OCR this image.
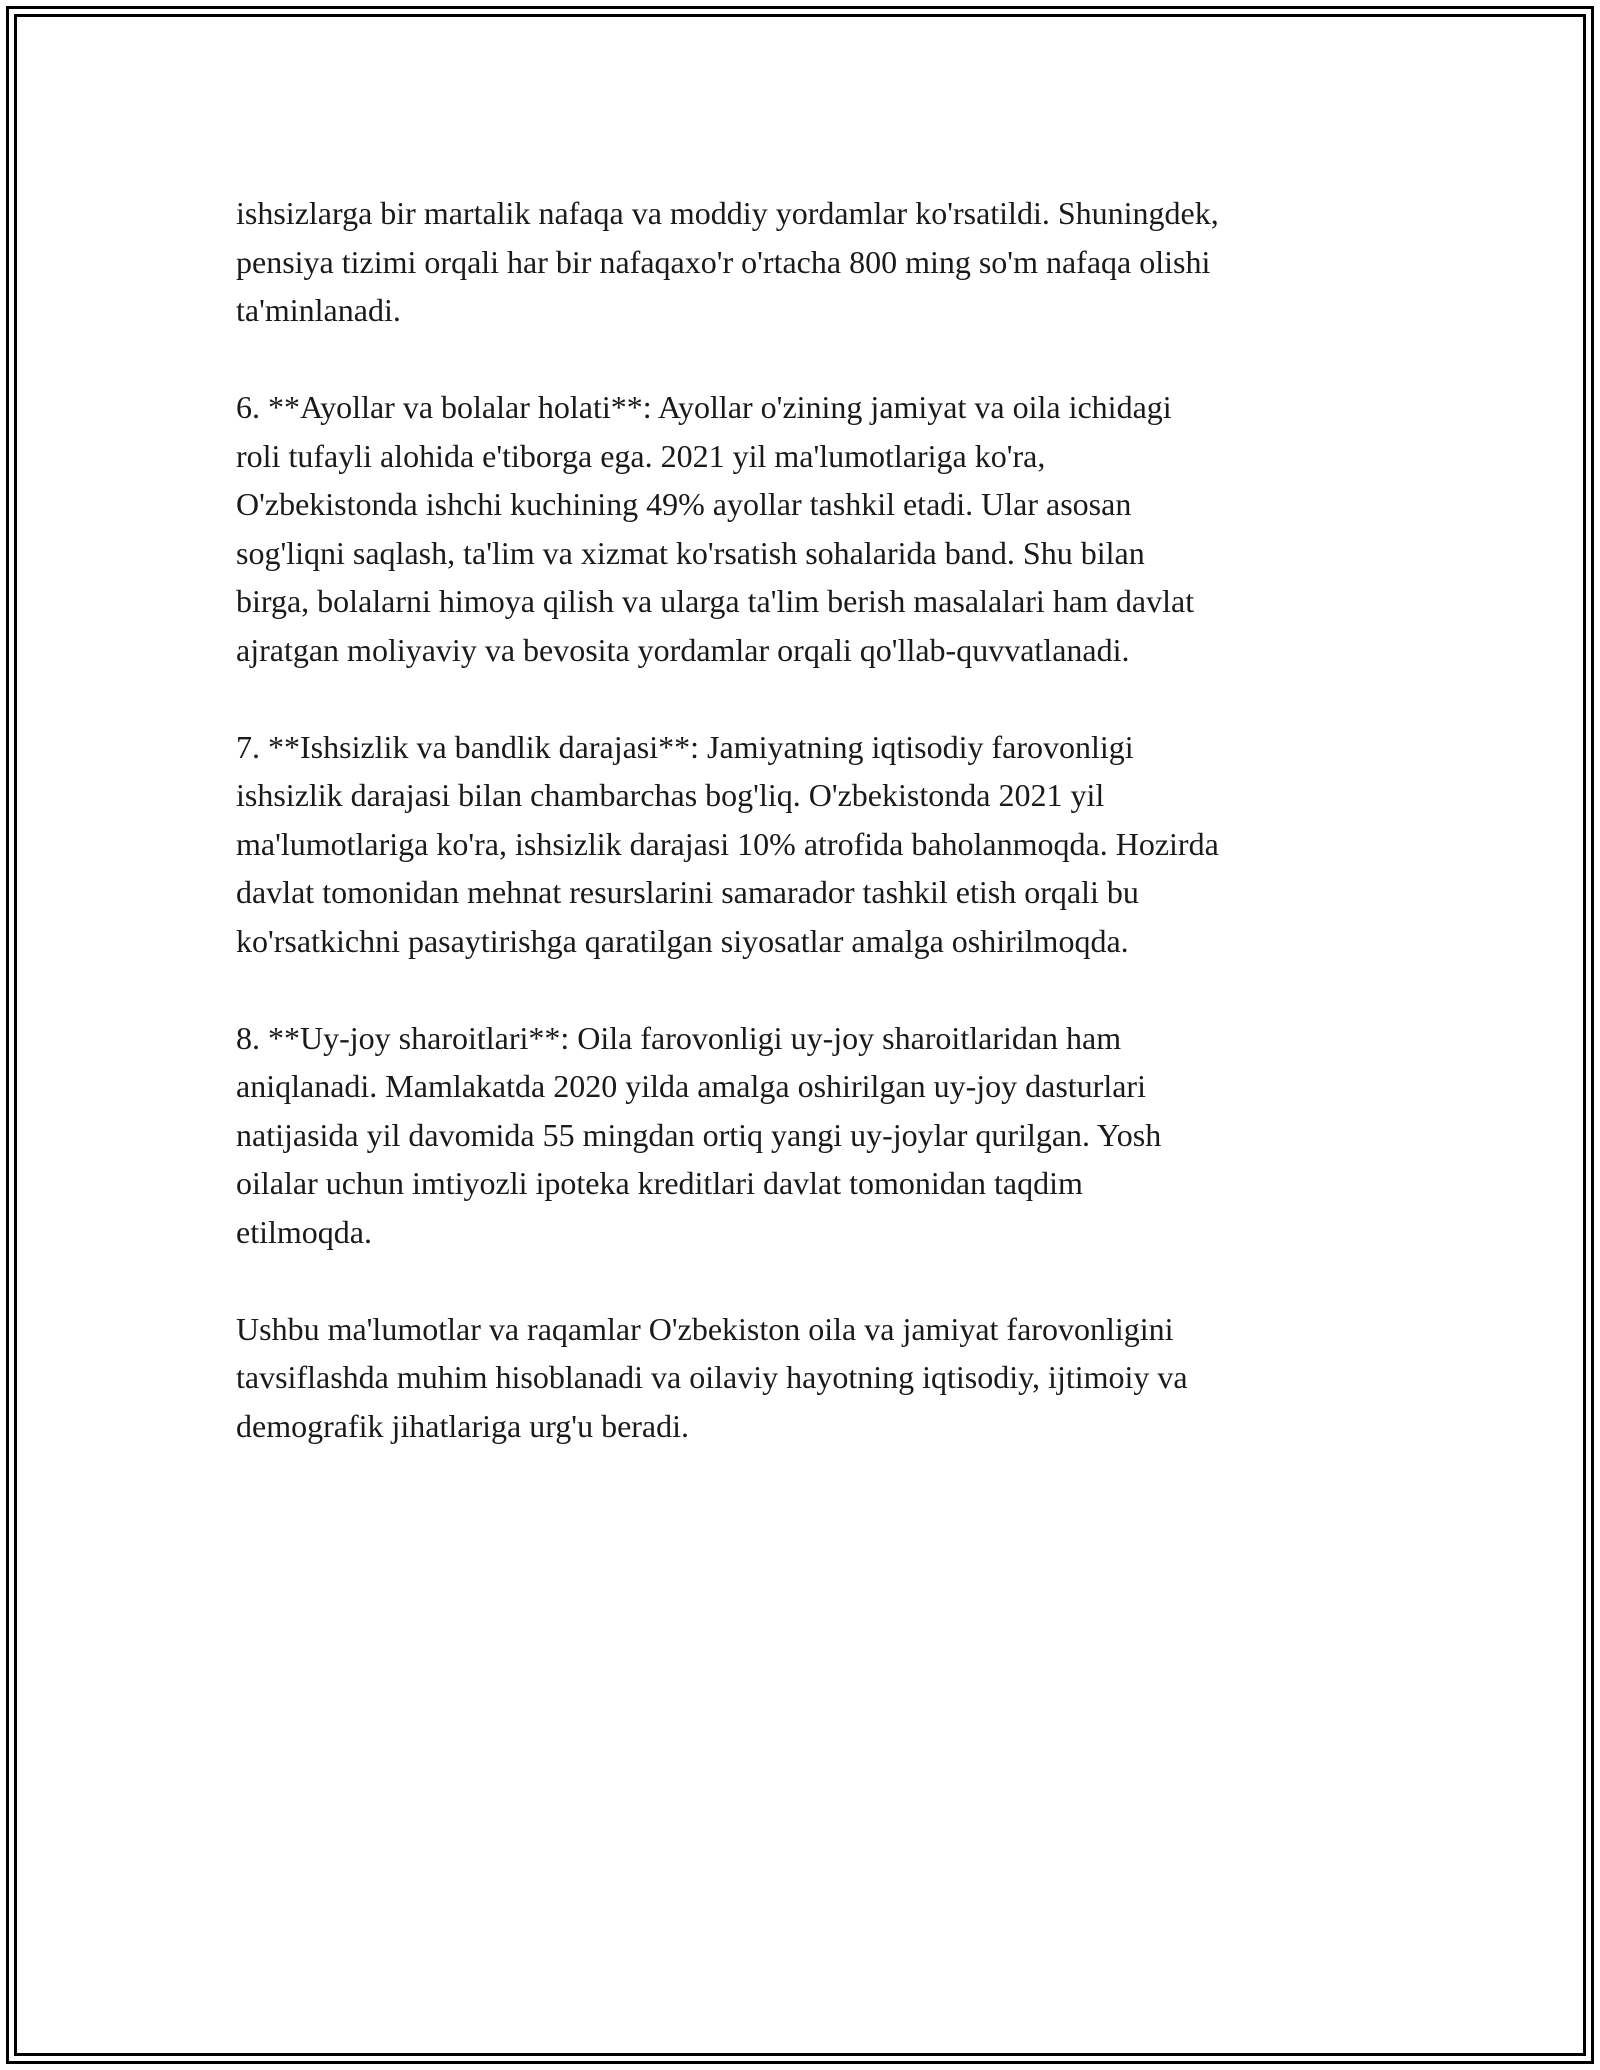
ishsizlarga bir martalik nafaqa va moddiy yordamlar ko'rsatildi. Shuningdek,
pensiya tizimi orqali har bir nafaqaxo'r o'rtacha 800 ming so'm nafaqa olishi
ta'minlanadi.

6. **Ayollar va bolalar holati**: Ayollar o'zining jamiyat va oila ichidagi
roli tufayli alohida e'tiborga ega. 2021 yil ma'lumotlariga ko'ra,
O'zbekistonda ishchi kuchining 49% ayollar tashkil etadi. Ular asosan
sog'liqni saqlash, ta'lim va xizmat ko'rsatish sohalarida band. Shu bilan
birga, bolalarni himoya qilish va ularga ta'lim berish masalalari ham davlat
ajratgan moliyaviy va bevosita yordamlar orqali qo'llab-quvvatlanadi.

7. **Ishsizlik va bandlik darajasi**: Jamiyatning iqtisodiy farovonligi
ishsizlik darajasi bilan chambarchas bog'liq. O'zbekistonda 2021 yil
ma'lumotlariga ko'ra, ishsizlik darajasi 10% atrofida baholanmoqda. Hozirda
davlat tomonidan mehnat resurslarini samarador tashkil etish orqali bu
ko'rsatkichni pasaytirishga qaratilgan siyosatlar amalga oshirilmoqda.

8. **Uy-joy sharoitlari**: Oila farovonligi uy-joy sharoitlaridan ham
aniqlanadi. Mamlakatda 2020 yilda amalga oshirilgan uy-joy dasturlari
natijasida yil davomida 55 mingdan ortiq yangi uy-joylar qurilgan. Yosh
oilalar uchun imtiyozli ipoteka kreditlari davlat tomonidan taqdim
etilmoqda.

Ushbu ma'lumotlar va raqamlar O'zbekiston oila va jamiyat farovonligini
tavsiflashda muhim hisoblanadi va oilaviy hayotning iqtisodiy, ijtimoiy va
demografik jihatlariga urg'u beradi.
